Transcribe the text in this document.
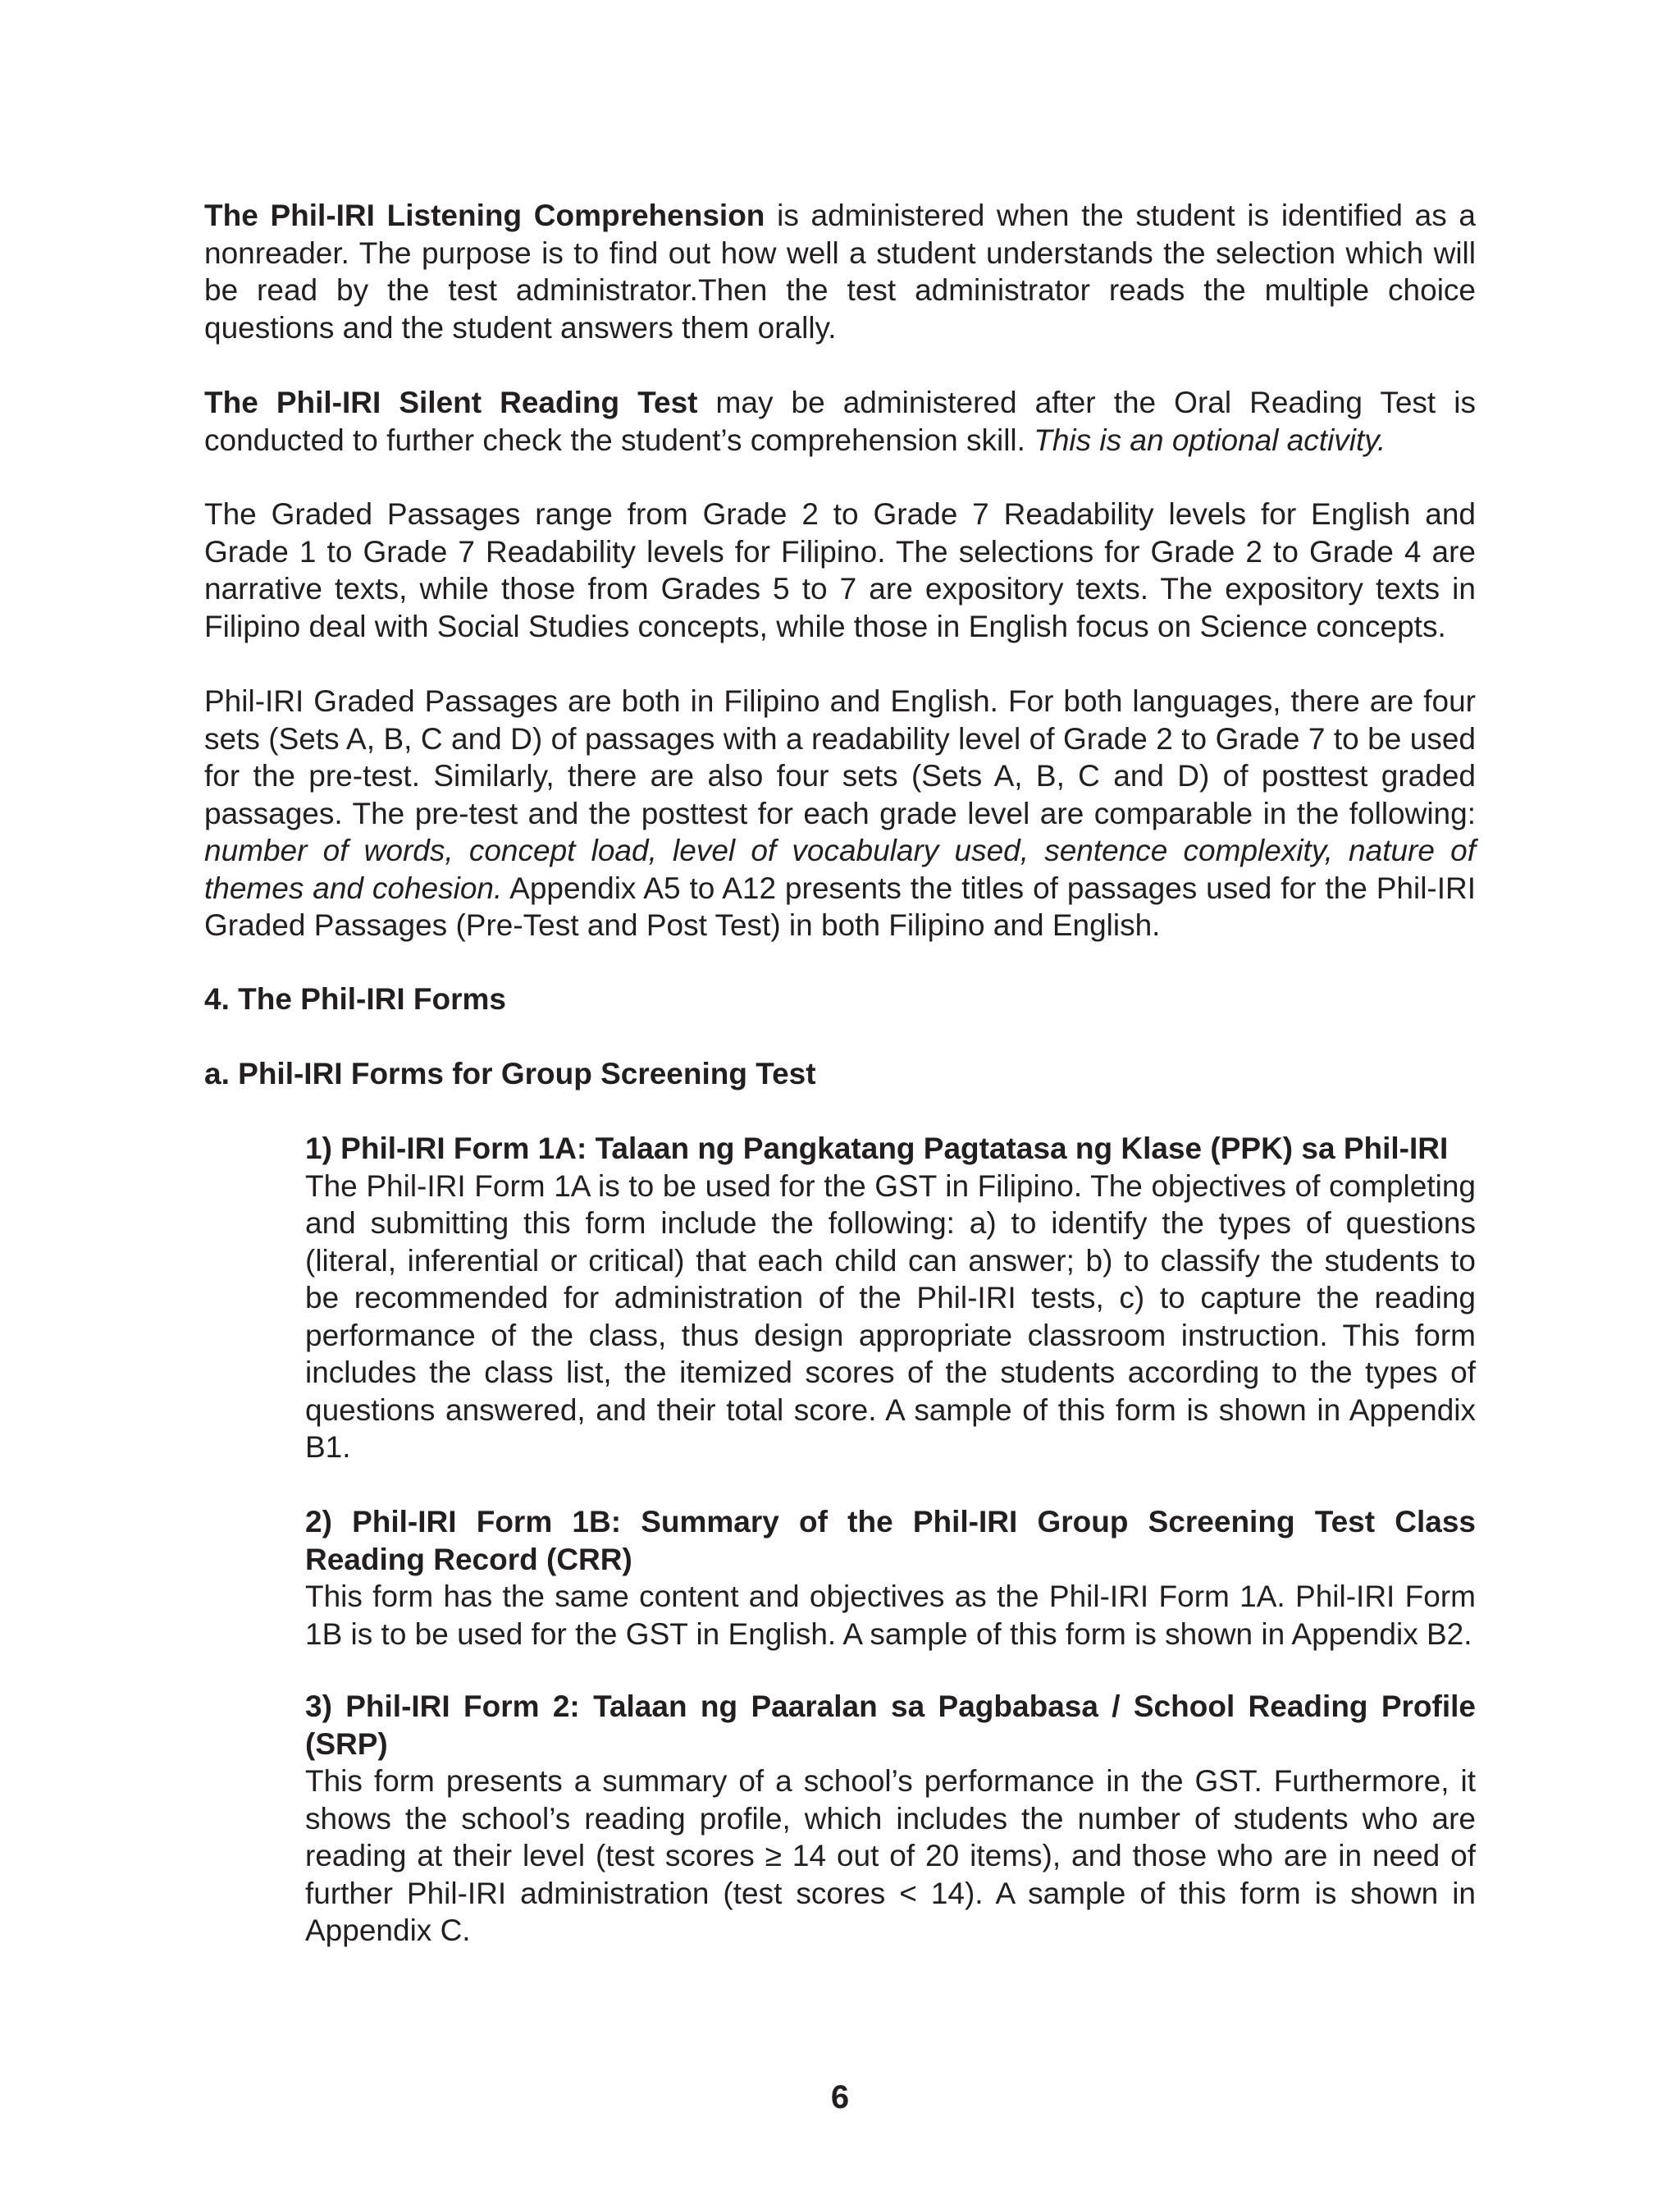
The Phil-IRI Listening Comprehension is administered when the student is identified as a nonreader. The purpose is to find out how well a student understands the selection which will be read by the test administrator.Then the test administrator reads the multiple choice questions and the student answers them orally.

The Phil-IRI Silent Reading Test may be administered after the Oral Reading Test is conducted to further check the student’s comprehension skill. This is an optional activity.

The Graded Passages range from Grade 2 to Grade 7 Readability levels for English and Grade 1 to Grade 7 Readability levels for Filipino. The selections for Grade 2 to Grade 4 are narrative texts, while those from Grades 5 to 7 are expository texts. The expository texts in Filipino deal with Social Studies concepts, while those in English focus on Science concepts.

Phil-IRI Graded Passages are both in Filipino and English. For both languages, there are four sets (Sets A, B, C and D) of passages with a readability level of Grade 2 to Grade 7 to be used for the pre-test. Similarly, there are also four sets (Sets A, B, C and D) of posttest graded passages. The pre-test and the posttest for each grade level are comparable in the following: number of words, concept load, level of vocabulary used, sentence complexity, nature of themes and cohesion. Appendix A5 to A12 presents the titles of passages used for the Phil-IRI Graded Passages (Pre-Test and Post Test) in both Filipino and English.

4. The Phil-IRI Forms
a. Phil-IRI Forms for Group Screening Test

1) Phil-IRI Form 1A: Talaan ng Pangkatang Pagtatasa ng Klase (PPK) sa Phil-IRI

The Phil-IRI Form 1A is to be used for the GST in Filipino. The objectives of completing and submitting this form include the following: a) to identify the types of questions (literal, inferential or critical) that each child can answer; b) to classify the students to be recommended for administration of the Phil-IRI tests, c) to capture the reading performance of the class, thus design appropriate classroom instruction. This form includes the class list, the itemized scores of the students according to the types of questions answered, and their total score. A sample of this form is shown in Appendix B1.

2) Phil-IRI Form 1B: Summary of the Phil-IRI Group Screening Test Class Reading Record (CRR)

This form has the same content and objectives as the Phil-IRI Form 1A. Phil-IRI Form 1B is to be used for the GST in English. A sample of this form is shown in Appendix B2.

3) Phil-IRI Form 2: Talaan ng Paaralan sa Pagbabasa / School Reading Profile (SRP)

This form presents a summary of a school’s performance in the GST. Furthermore, it shows the school’s reading profile, which includes the number of students who are reading at their level (test scores ≥ 14 out of 20 items), and those who are in need of further Phil-IRI administration (test scores < 14). A sample of this form is shown in Appendix C.

6
